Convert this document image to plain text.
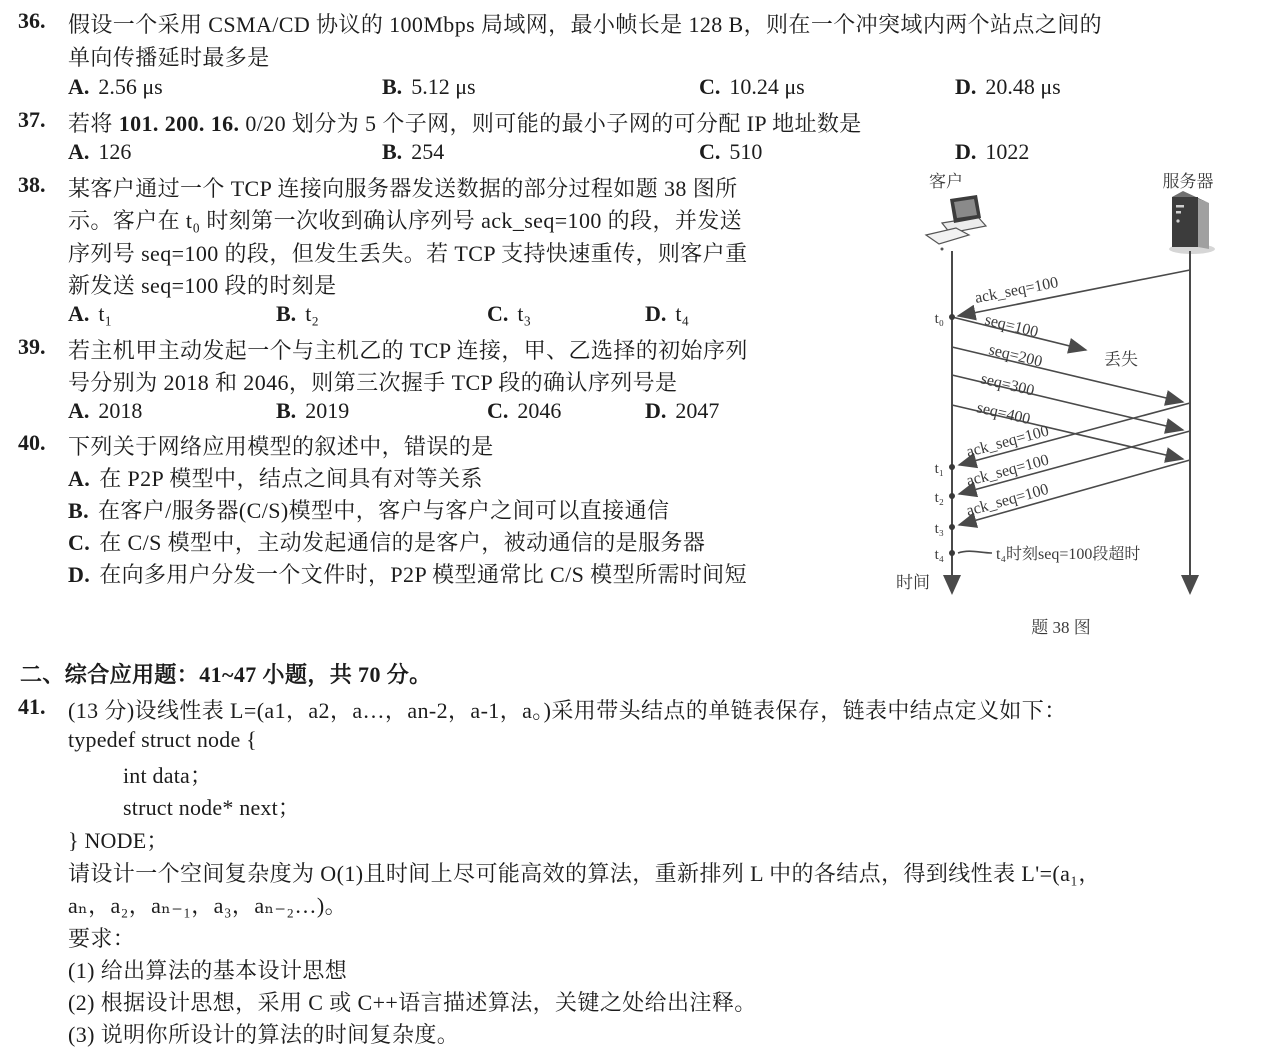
36. 假设一个采用 CSMA/CD 协议的 100Mbps 局域网，最小帧长是 128 B，则在一个冲突域内两个站点之间的
单向传播延时最多是
A. 2.56 μs	B. 5.12 μs	C. 10.24 μs	D. 20.48 μs
37. 若将 101. 200. 16. 0/20 划分为 5 个子网，则可能的最小子网的可分配 IP 地址数是
A. 126	B. 254	C. 510	D. 1022
38. 某客户通过一个 TCP 连接向服务器发送数据的部分过程如题 38 图所
示。客户在 t₀ 时刻第一次收到确认序列号 ack_seq=100 的段，并发送
序列号 seq=100 的段，但发生丢失。若 TCP 支持快速重传，则客户重
新发送 seq=100 段的时刻是
A. t₁	B. t₂	C. t₃	D. t₄
39. 若主机甲主动发起一个与主机乙的 TCP 连接，甲、乙选择的初始序列
号分别为 2018 和 2046，则第三次握手 TCP 段的确认序列号是
A. 2018	B. 2019	C. 2046	D. 2047
40. 下列关于网络应用模型的叙述中，错误的是
A. 在 P2P 模型中，结点之间具有对等关系
B. 在客户/服务器(C/S)模型中，客户与客户之间可以直接通信
C. 在 C/S 模型中，主动发起通信的是客户，被动通信的是服务器
D. 在向多用户分发一个文件时，P2P 模型通常比 C/S 模型所需时间短
二、综合应用题：41~47 小题，共 70 分。
41. (13 分)设线性表 L=(a1，a2，a…，an-2，a-1，a。)采用带头结点的单链表保存，链表中结点定义如下：
typedef struct node {
int data；
struct node* next；
} NODE；
请设计一个空间复杂度为 O(1)且时间上尽可能高效的算法，重新排列 L 中的各结点，得到线性表 L'=(a₁，
aₙ，a₂，aₙ₋₁，a₃，aₙ₋₂…)。
要求：
(1) 给出算法的基本设计思想
(2) 根据设计思想，采用 C 或 C++语言描述算法，关键之处给出注释。
(3) 说明你所设计的算法的时间复杂度。
客户	服务器
ack_seq=100
seq=100
seq=200
seq=300
seq=400
ack_seq=100
ack_seq=100
ack_seq=100
丢失
t₀
t₁
t₂
t₃
t₄	t₄时刻seq=100段超时
时间
题 38 图
